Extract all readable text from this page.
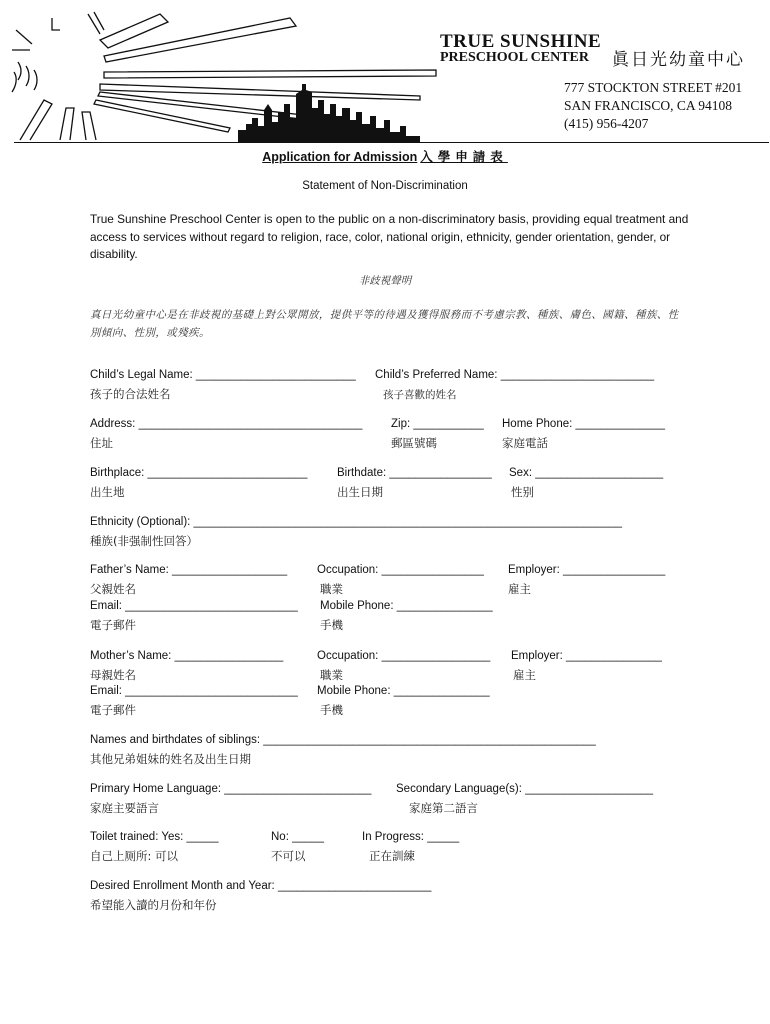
TRUE SUNSHINE
PRESCHOOL CENTER 眞日光幼童中心
777 STOCKTON STREET #201
SAN FRANCISCO, CA 94108
(415) 956-4207
Application for Admission 入學申請表
Statement of Non-Discrimination

True Sunshine Preschool Center is open to the public on a non-discriminatory basis, providing equal treatment and access to services without regard to religion, race, color, national origin, ethnicity, gender orientation, gender, or disability.

非歧視聲明

真日光幼童中心是在非歧視的基礎上對公眾開放，提供平等的待遇及獲得服務而不考慮宗教、種族、膚色、國籍、種族、性別傾向、性別，或殘疾。

Child’s Legal Name: _________________________
孩子的合法姓名
Child’s Preferred Name: ________________________
孩子喜歡的姓名
Address: ___________________________________
住址
Zip: ___________
郵區號碼
Home Phone: ______________
家庭電話
Birthplace: _________________________
出生地
Birthdate: ________________
出生日期
Sex: ____________________
性别
Ethnicity (Optional): ___________________________________________________________________
種族(非强制性回答）
Father’s Name: __________________
父親姓名
Occupation: ________________
職業
Employer: ________________
雇主
Email: ___________________________
電子郵件
Mobile Phone: _______________
手機
Mother’s Name: _________________
母親姓名
Occupation: _________________
職業
Employer: _______________
雇主
Email: ___________________________
電子郵件
Mobile Phone: _______________
手機
Names and birthdates of siblings: ____________________________________________________
其他兄弟姐妹的姓名及出生日期
Primary Home Language: _______________________
家庭主要語言
Secondary Language(s): ____________________
家庭第二語言
Toilet trained: Yes: _____
自己上厕所: 可以
No: _____
不可以
In Progress: _____
正在訓練
Desired Enrollment Month and Year: ________________________
希望能入讀的月份和年份
